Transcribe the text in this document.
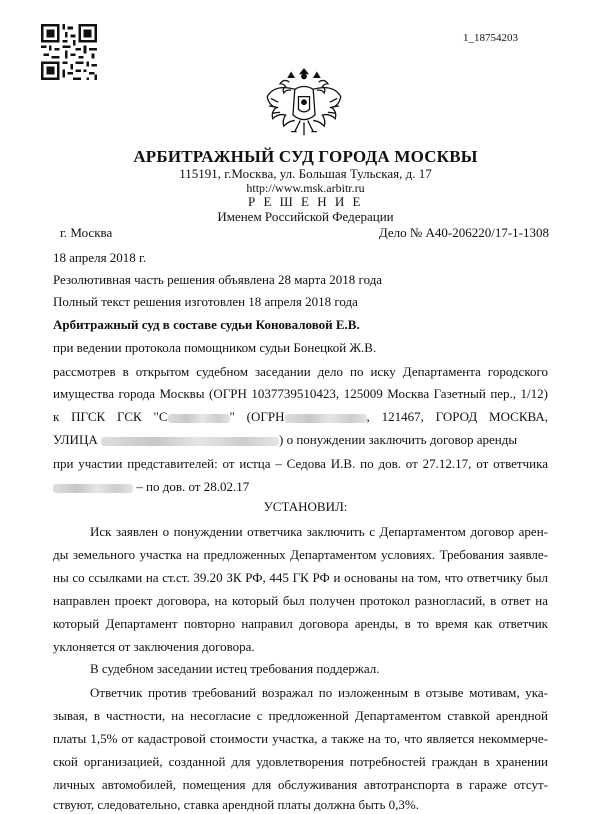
1_18754203
АРБИТРАЖНЫЙ СУД ГОРОДА МОСКВЫ
115191, г.Москва, ул. Большая Тульская, д. 17
http://www.msk.arbitr.ru
Р Е Ш Е Н И Е
Именем Российской Федерации
г. Москва	Дело № А40-206220/17-1-1308
18 апреля 2018 г.
Резолютивная часть решения объявлена 28 марта 2018 года
Полный текст решения изготовлен 18 апреля 2018 года
Арбитражный суд в составе судьи Коноваловой Е.В.
при ведении протокола помощником судьи Бонецкой Ж.В.
рассмотрев в открытом судебном заседании дело по иску Департамента городского
имущества города Москвы (ОГРН 1037739510423, 125009 Москва Газетный пер., 1/12)
к ПГСК ГСК "С	" (ОГРН	, 121467, ГОРОД МОСКВА,
УЛИЦА	) о понуждении заключить договор аренды
при участии представителей: от истца – Седова И.В. по дов. от 27.12.17, от ответчика
– по дов. от 28.02.17
УСТАНОВИЛ:
Иск заявлен о понуждении ответчика заключить с Департаментом договор арен-
ды земельного участка на предложенных Департаментом условиях. Требования заявле-
ны со ссылками на ст.ст. 39.20 ЗК РФ, 445 ГК РФ и основаны на том, что ответчику был
направлен проект договора, на который был получен протокол разногласий, в ответ на
который Департамент повторно направил договора аренды, в то время как ответчик
уклоняется от заключения договора.
В судебном заседании истец требования поддержал.
Ответчик против требований возражал по изложенным в отзыве мотивам, ука-
зывая, в частности, на несогласие с предложенной Департаментом ставкой арендной
платы 1,5% от кадастровой стоимости участка, а также на то, что является некоммерче-
ской организацией, созданной для удовлетворения потребностей граждан в хранении
личных автомобилей, помещения для обслуживания автотранспорта в гараже отсут-
ствуют, следовательно, ставка арендной платы должна быть 0,3%.
